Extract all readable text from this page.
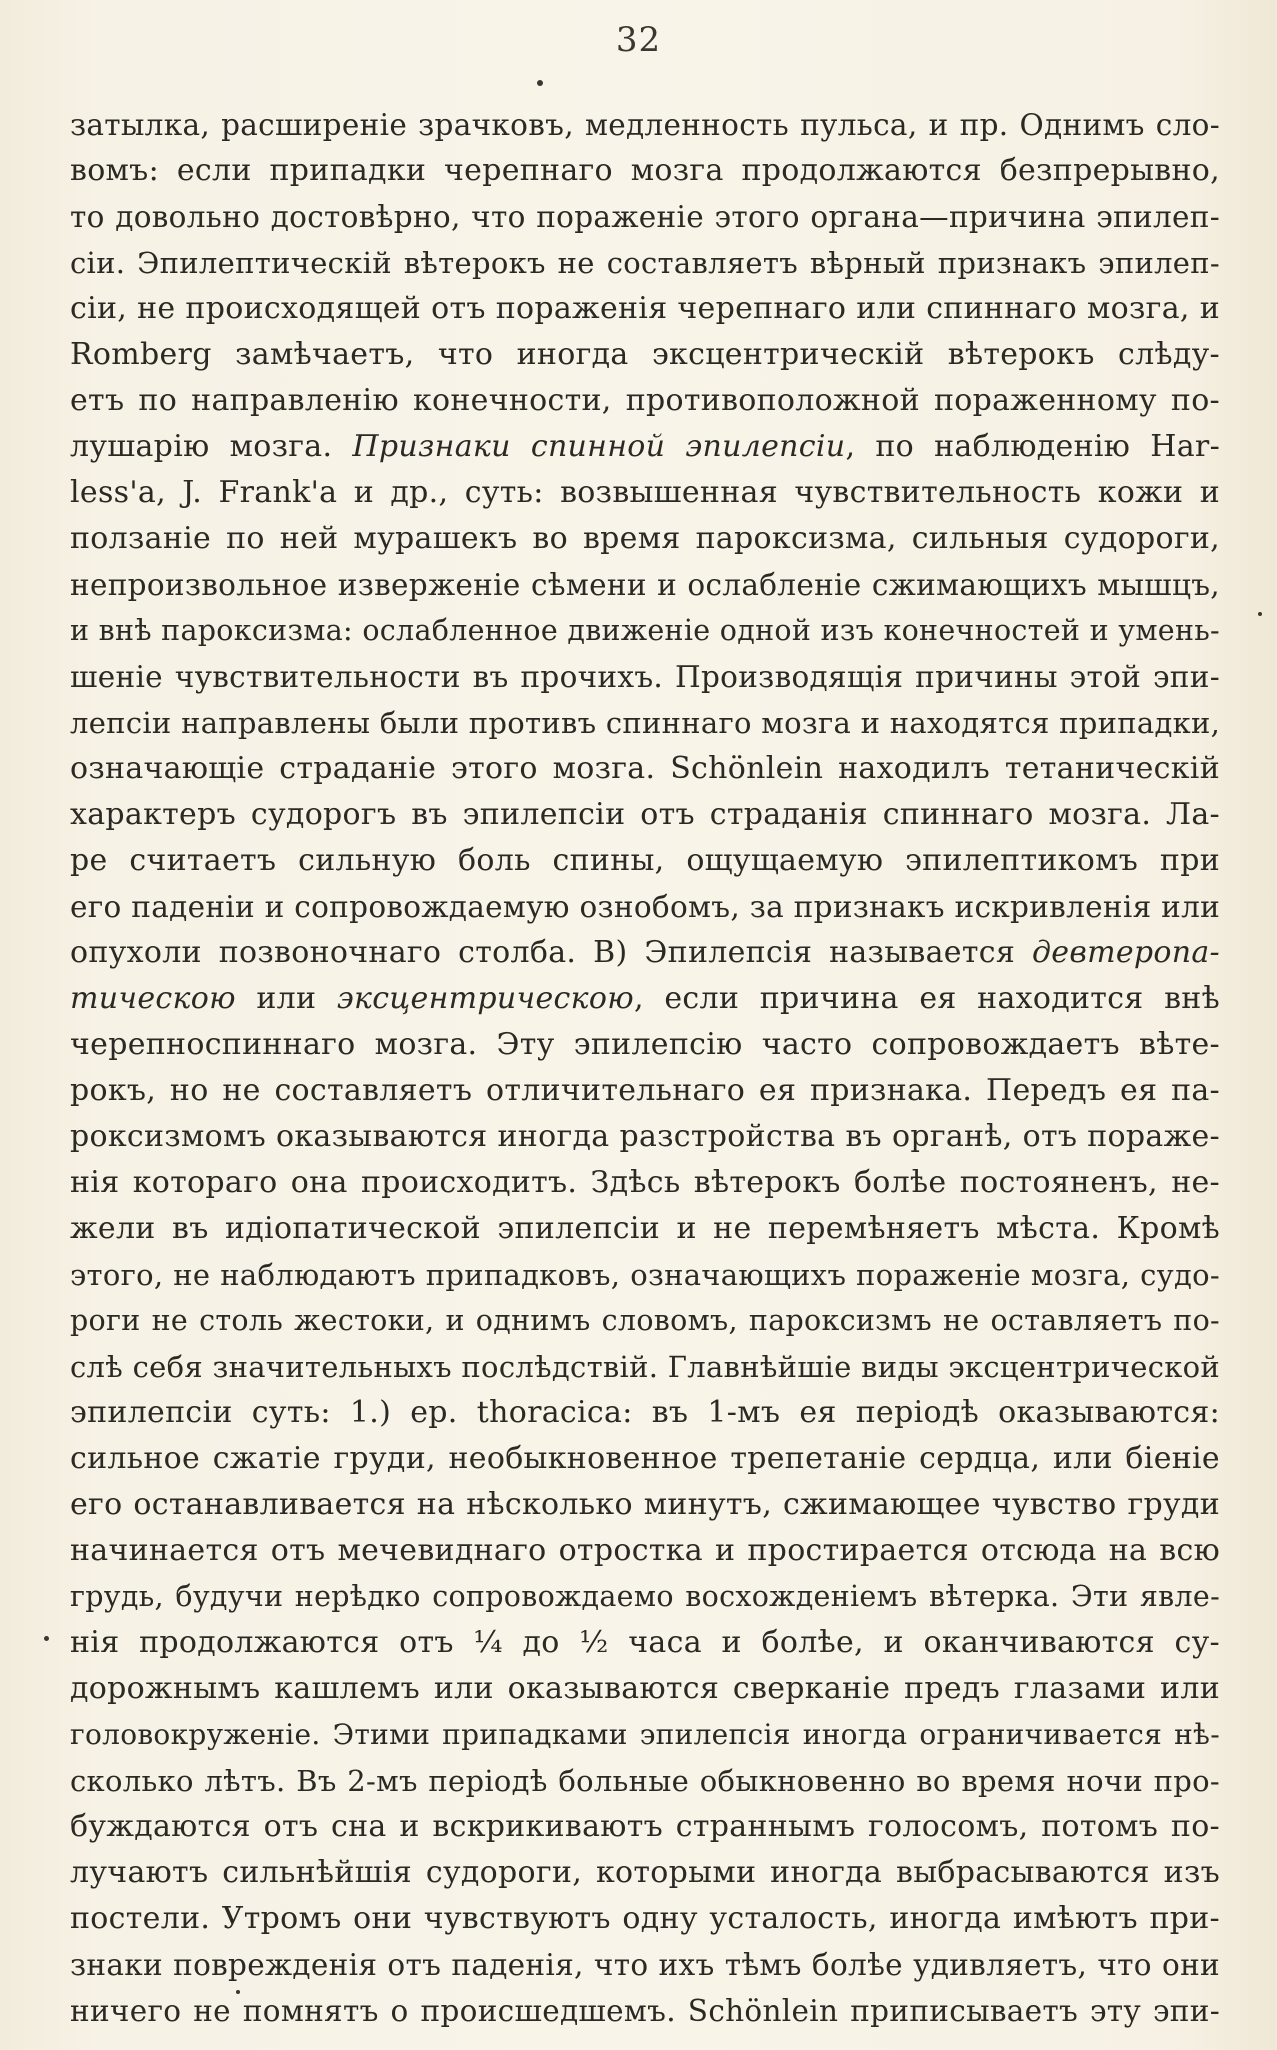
32
затылка, расширеніе зрачковъ, медленность пульса, и пр. Однимъ сло-
вомъ: если припадки черепнаго мозга продолжаются безпрерывно,
то довольно достовѣрно, что пораженіе этого органа—причина эпилеп-
сіи. Эпилептическій вѣтерокъ не составляетъ вѣрный признакъ эпилеп-
сіи, не происходящей отъ пораженія черепнаго или спиннаго мозга, и
Romberg замѣчаетъ, что иногда эксцентрическій вѣтерокъ слѣду-
етъ по направленію конечности, противоположной пораженному по-
лушарію мозга. Признаки спинной эпилепсіи, по наблюденію Har-
less'а, J. Frank'а и др., суть: возвышенная чувствительность кожи и
ползаніе по ней мурашекъ во время пароксизма, сильныя судороги,
непроизвольное изверженіе сѣмени и ослабленіе сжимающихъ мышцъ,
и внѣ пароксизма: ослабленное движеніе одной изъ конечностей и умень-
шеніе чувствительности въ прочихъ. Производящія причины этой эпи-
лепсіи направлены были противъ спиннаго мозга и находятся припадки,
означающіе страданіе этого мозга. Schönlein находилъ тетаническій
характеръ судорогъ въ эпилепсіи отъ страданія спиннаго мозга. Ла-
ре считаетъ сильную боль спины, ощущаемую эпилептикомъ при
его паденіи и сопровождаемую ознобомъ, за признакъ искривленія или
опухоли позвоночнаго столба. B) Эпилепсія называется девтеропа-
тическою или эксцентрическою, если причина ея находится внѣ
черепноспиннаго мозга. Эту эпилепсію часто сопровождаетъ вѣте-
рокъ, но не составляетъ отличительнаго ея признака. Передъ ея па-
роксизмомъ оказываются иногда разстройства въ органѣ, отъ пораже-
нія котораго она происходитъ. Здѣсь вѣтерокъ болѣе постояненъ, не-
жели въ идіопатической эпилепсіи и не перемѣняетъ мѣста. Кромѣ
этого, не наблюдаютъ припадковъ, означающихъ пораженіе мозга, судо-
роги не столь жестоки, и однимъ словомъ, пароксизмъ не оставляетъ по-
слѣ себя значительныхъ послѣдствій. Главнѣйшіе виды эксцентрической
эпилепсіи суть: 1.) ep. thoracica: въ 1-мъ ея періодѣ оказываются:
сильное сжатіе груди, необыкновенное трепетаніе сердца, или біеніе
его останавливается на нѣсколько минутъ, сжимающее чувство груди
начинается отъ мечевиднаго отростка и простирается отсюда на всю
грудь, будучи нерѣдко сопровождаемо восхожденіемъ вѣтерка. Эти явле-
нія продолжаются отъ ¼ до ½ часа и болѣе, и оканчиваются су-
дорожнымъ кашлемъ или оказываются сверканіе предъ глазами или
головокруженіе. Этими припадками эпилепсія иногда ограничивается нѣ-
сколько лѣтъ. Въ 2-мъ періодѣ больные обыкновенно во время ночи про-
буждаются отъ сна и вскрикиваютъ страннымъ голосомъ, потомъ по-
лучаютъ сильнѣйшія судороги, которыми иногда выбрасываются изъ
постели. Утромъ они чувствуютъ одну усталость, иногда имѣютъ при-
знаки поврежденія отъ паденія, что ихъ тѣмъ болѣе удивляетъ, что они
ничего не помнятъ о происшедшемъ. Schönlein приписываетъ эту эпи-
